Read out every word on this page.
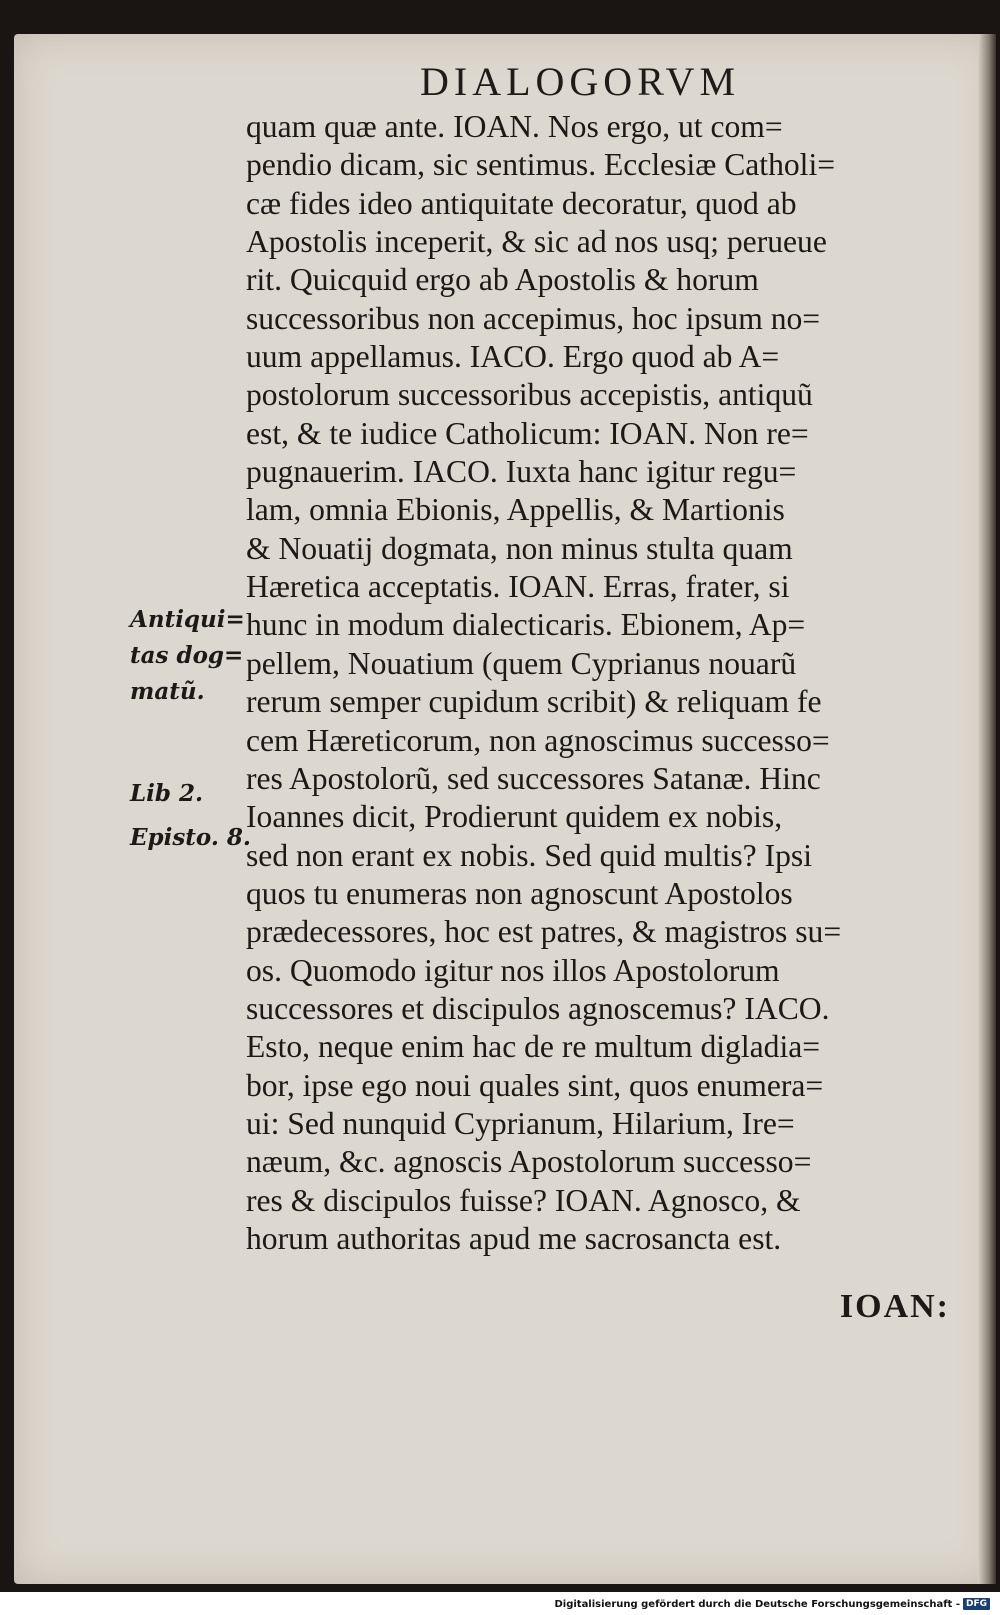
DIALOGORVM
quam quæ ante. IOAN. Nos ergo, ut com=
pendio dicam, sic sentimus. Ecclesiæ Catholi=
cæ fides ideo antiquitate decoratur, quod ab
Apostolis inceperit, & sic ad nos usq; perueue
rit. Quicquid ergo ab Apostolis & horum
successoribus non accepimus, hoc ipsum no=
uum appellamus. IACO. Ergo quod ab A=
postolorum successoribus accepistis, antiquũ
est, & te iudice Catholicum: IOAN. Non re=
pugnauerim. IACO. Iuxta hanc igitur regu=
lam, omnia Ebionis, Appellis, & Martionis
& Nouatij dogmata, non minus stulta quam
Hæretica acceptatis. IOAN. Erras, frater, si
hunc in modum dialecticaris. Ebionem, Ap=
pellem, Nouatium (quem Cyprianus nouarũ
rerum semper cupidum scribit) & reliquam fe
cem Hæreticorum, non agnoscimus successo=
res Apostolorũ, sed successores Satanæ. Hinc
Ioannes dicit, Prodierunt quidem ex nobis,
sed non erant ex nobis. Sed quid multis? Ipsi
quos tu enumeras non agnoscunt Apostolos
prædecessores, hoc est patres, & magistros su=
os. Quomodo igitur nos illos Apostolorum
successores et discipulos agnoscemus? IACO.
Esto, neque enim hac de re multum digladia=
bor, ipse ego noui quales sint, quos enumera=
ui: Sed nunquid Cyprianum, Hilarium, Ire=
næum, &c. agnoscis Apostolorum successo=
res & discipulos fuisse? IOAN. Agnosco, &
horum authoritas apud me sacrosancta est.
Antiqui=
tas dog=
matũ.
Lib 2.
Episto. 8.
IOAN:
Digitalisierung gefördert durch die Deutsche Forschungsgemeinschaft - DFG
